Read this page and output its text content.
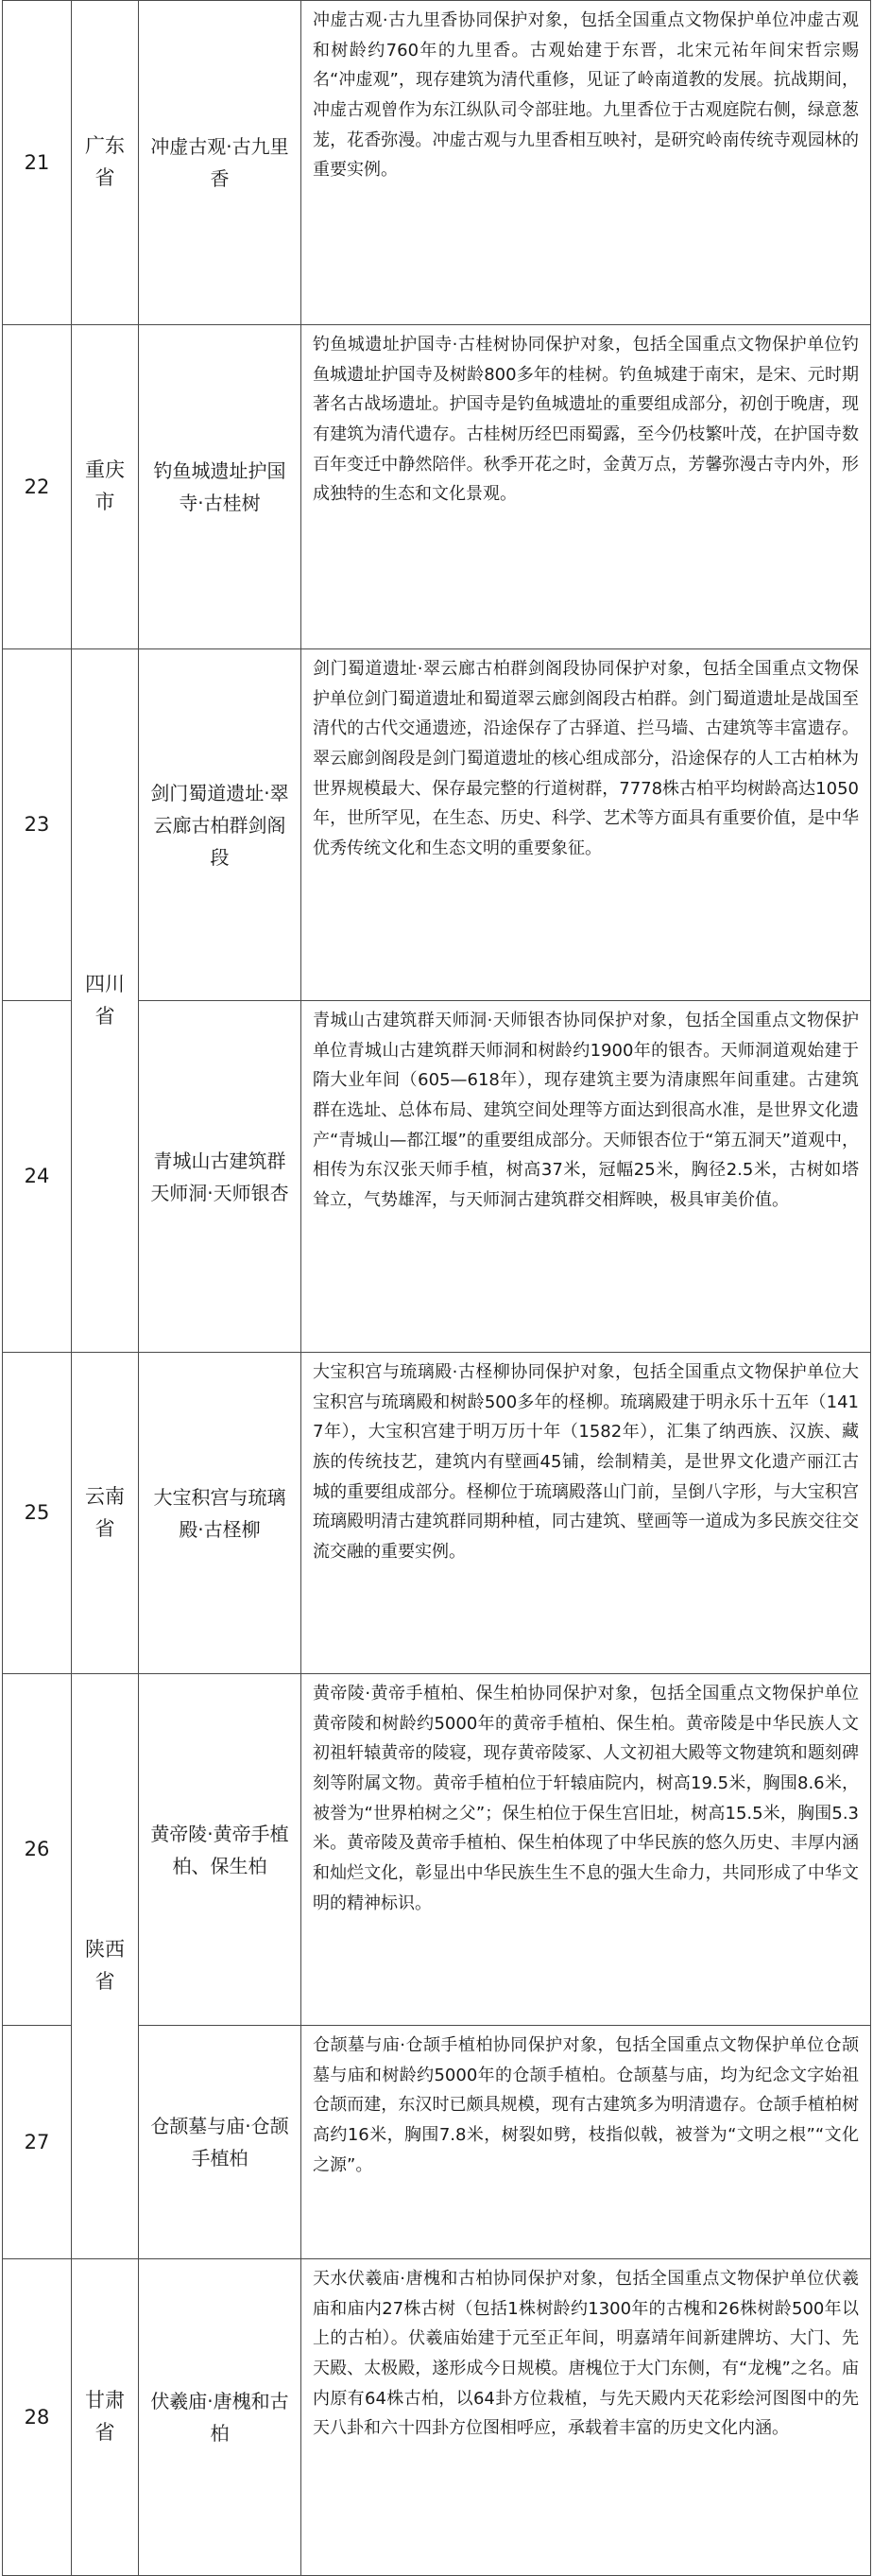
21	广东省	冲虚古观·古九里香	冲虚古观·古九里香协同保护对象，包括全国重点文物保护单位冲虚古观和树龄约760年的九里香。古观始建于东晋，北宋元祐年间宋哲宗赐名“冲虚观”，现存建筑为清代重修，见证了岭南道教的发展。抗战期间，冲虚古观曾作为东江纵队司令部驻地。九里香位于古观庭院右侧，绿意葱茏，花香弥漫。冲虚古观与九里香相互映衬，是研究岭南传统寺观园林的重要实例。
22	重庆市	钓鱼城遗址护国寺·古桂树	钓鱼城遗址护国寺·古桂树协同保护对象，包括全国重点文物保护单位钓鱼城遗址护国寺及树龄800多年的桂树。钓鱼城建于南宋，是宋、元时期著名古战场遗址。护国寺是钓鱼城遗址的重要组成部分，初创于晚唐，现有建筑为清代遗存。古桂树历经巴雨蜀露，至今仍枝繁叶茂，在护国寺数百年变迁中静然陪伴。秋季开花之时，金黄万点，芳馨弥漫古寺内外，形成独特的生态和文化景观。
23	四川省	剑门蜀道遗址·翠云廊古柏群剑阁段	剑门蜀道遗址·翠云廊古柏群剑阁段协同保护对象，包括全国重点文物保护单位剑门蜀道遗址和蜀道翠云廊剑阁段古柏群。剑门蜀道遗址是战国至清代的古代交通遗迹，沿途保存了古驿道、拦马墙、古建筑等丰富遗存。翠云廊剑阁段是剑门蜀道遗址的核心组成部分，沿途保存的人工古柏林为世界规模最大、保存最完整的行道树群，7778株古柏平均树龄高达1050年，世所罕见，在生态、历史、科学、艺术等方面具有重要价值，是中华优秀传统文化和生态文明的重要象征。
24		青城山古建筑群天师洞·天师银杏	青城山古建筑群天师洞·天师银杏协同保护对象，包括全国重点文物保护单位青城山古建筑群天师洞和树龄约1900年的银杏。天师洞道观始建于隋大业年间（605—618年），现存建筑主要为清康熙年间重建。古建筑群在选址、总体布局、建筑空间处理等方面达到很高水准，是世界文化遗产“青城山—都江堰”的重要组成部分。天师银杏位于“第五洞天”道观中，相传为东汉张天师手植，树高37米，冠幅25米，胸径2.5米，古树如塔耸立，气势雄浑，与天师洞古建筑群交相辉映，极具审美价值。
25	云南省	大宝积宫与琉璃殿·古柽柳	大宝积宫与琉璃殿·古柽柳协同保护对象，包括全国重点文物保护单位大宝积宫与琉璃殿和树龄500多年的柽柳。琉璃殿建于明永乐十五年（1417年），大宝积宫建于明万历十年（1582年），汇集了纳西族、汉族、藏族的传统技艺，建筑内有壁画45铺，绘制精美，是世界文化遗产丽江古城的重要组成部分。柽柳位于琉璃殿落山门前，呈倒八字形，与大宝积宫琉璃殿明清古建筑群同期种植，同古建筑、壁画等一道成为多民族交往交流交融的重要实例。
26	陕西省	黄帝陵·黄帝手植柏、保生柏	黄帝陵·黄帝手植柏、保生柏协同保护对象，包括全国重点文物保护单位黄帝陵和树龄约5000年的黄帝手植柏、保生柏。黄帝陵是中华民族人文初祖轩辕黄帝的陵寝，现存黄帝陵冢、人文初祖大殿等文物建筑和题刻碑刻等附属文物。黄帝手植柏位于轩辕庙院内，树高19.5米，胸围8.6米，被誉为“世界柏树之父”；保生柏位于保生宫旧址，树高15.5米，胸围5.3米。黄帝陵及黄帝手植柏、保生柏体现了中华民族的悠久历史、丰厚内涵和灿烂文化，彰显出中华民族生生不息的强大生命力，共同形成了中华文明的精神标识。
27		仓颉墓与庙·仓颉手植柏	仓颉墓与庙·仓颉手植柏协同保护对象，包括全国重点文物保护单位仓颉墓与庙和树龄约5000年的仓颉手植柏。仓颉墓与庙，均为纪念文字始祖仓颉而建，东汉时已颇具规模，现有古建筑多为明清遗存。仓颉手植柏树高约16米，胸围7.8米，树裂如劈，枝指似戟，被誉为“文明之根”“文化之源”。
28	甘肃省	伏羲庙·唐槐和古柏	天水伏羲庙·唐槐和古柏协同保护对象，包括全国重点文物保护单位伏羲庙和庙内27株古树（包括1株树龄约1300年的古槐和26株树龄500年以上的古柏）。伏羲庙始建于元至正年间，明嘉靖年间新建牌坊、大门、先天殿、太极殿，遂形成今日规模。唐槐位于大门东侧，有“龙槐”之名。庙内原有64株古柏，以64卦方位栽植，与先天殿内天花彩绘河图图中的先天八卦和六十四卦方位图相呼应，承载着丰富的历史文化内涵。
